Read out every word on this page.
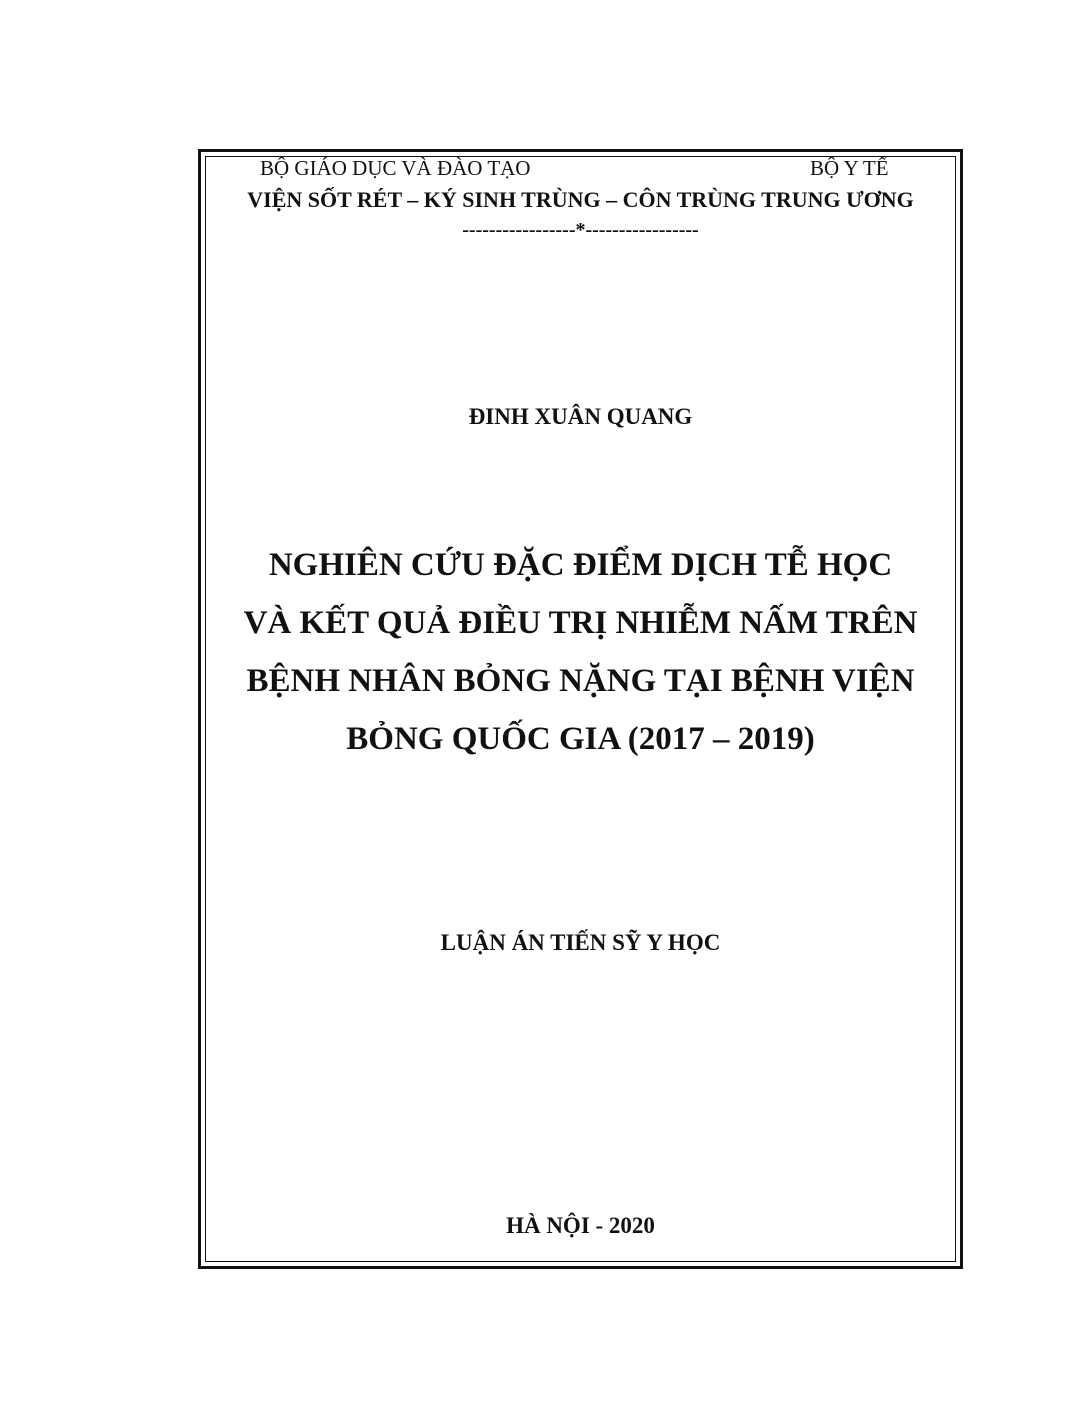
BỘ GIÁO DỤC VÀ ĐÀO TẠO	BỘ Y TẾ
VIỆN SỐT RÉT – KÝ SINH TRÙNG – CÔN TRÙNG TRUNG ƯƠNG
-----------------*-----------------
ĐINH XUÂN QUANG
NGHIÊN CỨU ĐẶC ĐIỂM DỊCH TỄ HỌC
VÀ KẾT QUẢ ĐIỀU TRỊ NHIỄM NẤM TRÊN
BỆNH NHÂN BỎNG NẶNG TẠI BỆNH VIỆN
BỎNG QUỐC GIA (2017 – 2019)
LUẬN ÁN TIẾN SỸ Y HỌC
HÀ NỘI - 2020
